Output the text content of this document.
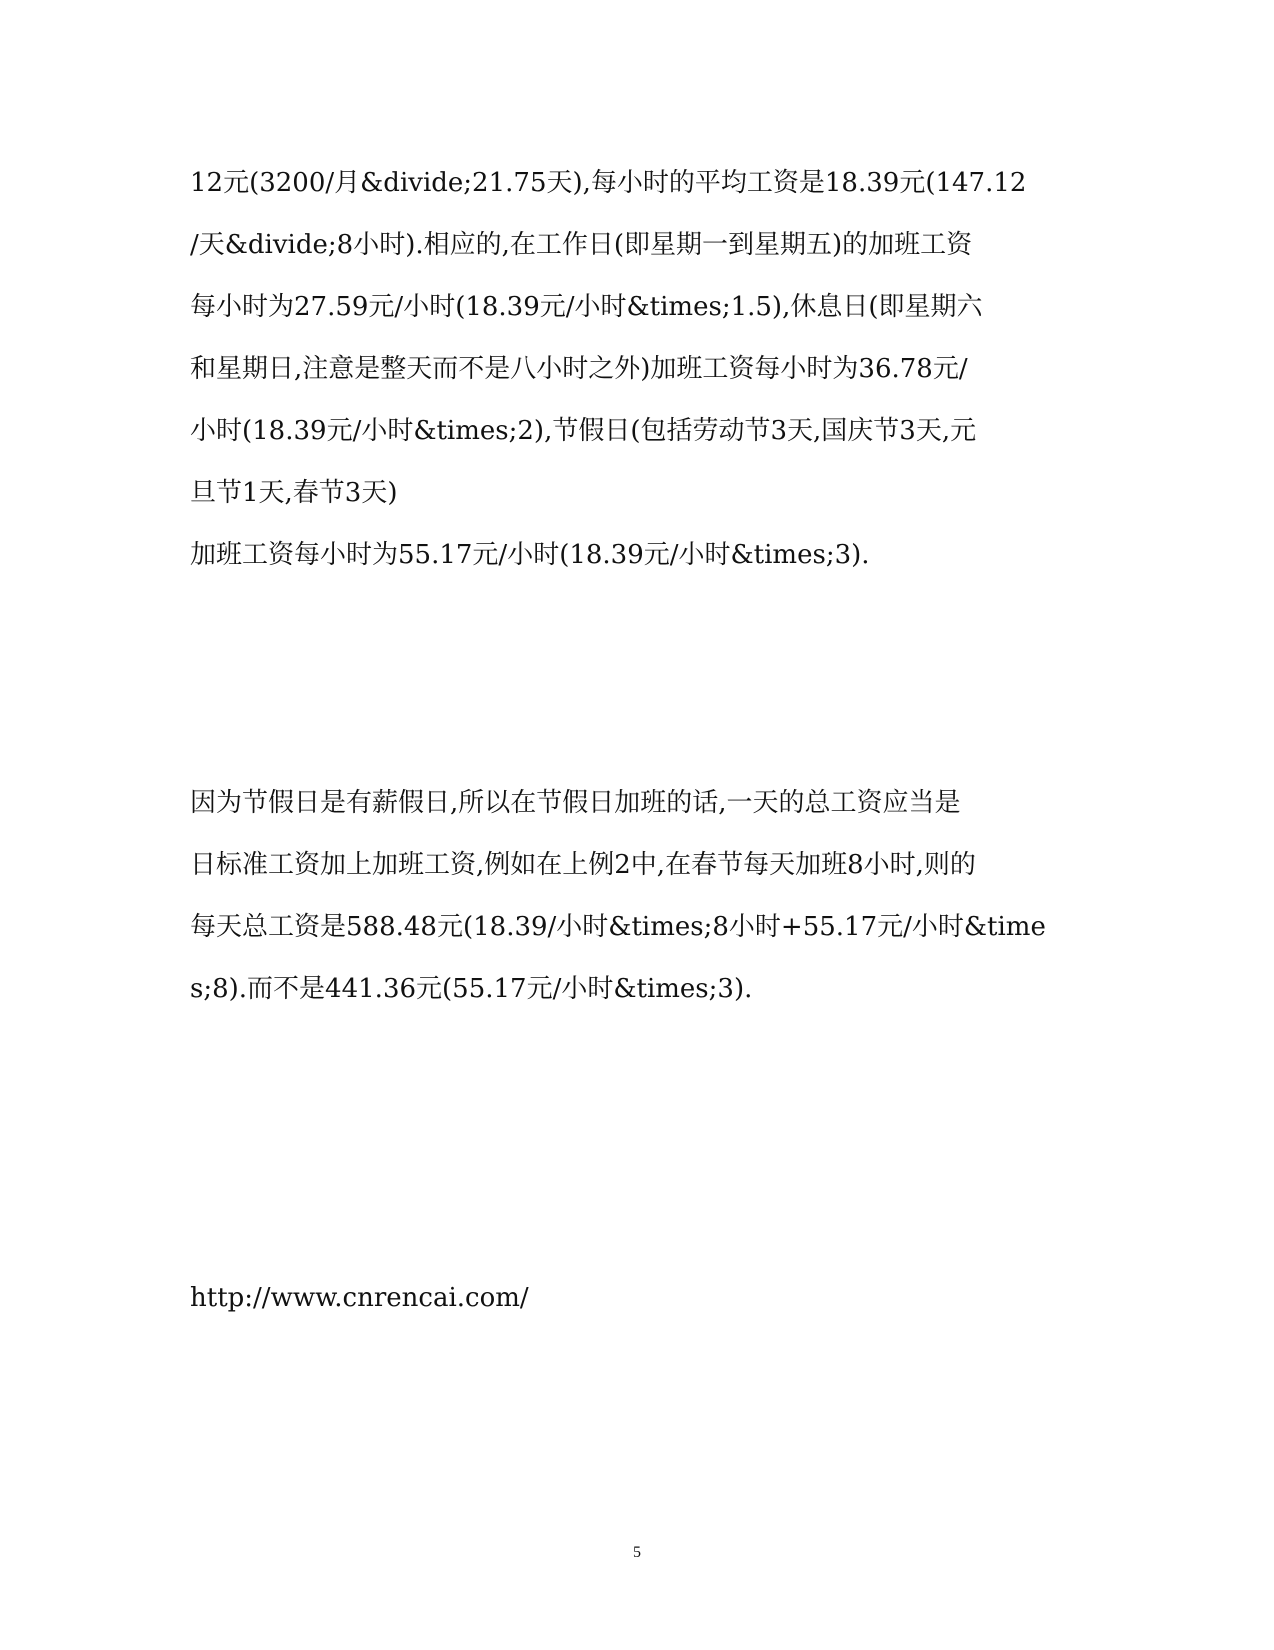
12元(3200/月&divide;21.75天),每小时的平均工资是18.39元(147.12

/天&divide;8小时).相应的,在工作日(即星期一到星期五)的加班工资

每小时为27.59元/小时(18.39元/小时&times;1.5),休息日(即星期六

和星期日,注意是整天而不是八小时之外)加班工资每小时为36.78元/

小时(18.39元/小时&times;2),节假日(包括劳动节3天,国庆节3天,元

旦节1天,春节3天)

加班工资每小时为55.17元/小时(18.39元/小时&times;3).

因为节假日是有薪假日,所以在节假日加班的话,一天的总工资应当是

日标准工资加上加班工资,例如在上例2中,在春节每天加班8小时,则的

每天总工资是588.48元(18.39/小时&times;8小时+55.17元/小时&time

s;8).而不是441.36元(55.17元/小时&times;3).

http://www.cnrencai.com/

5
